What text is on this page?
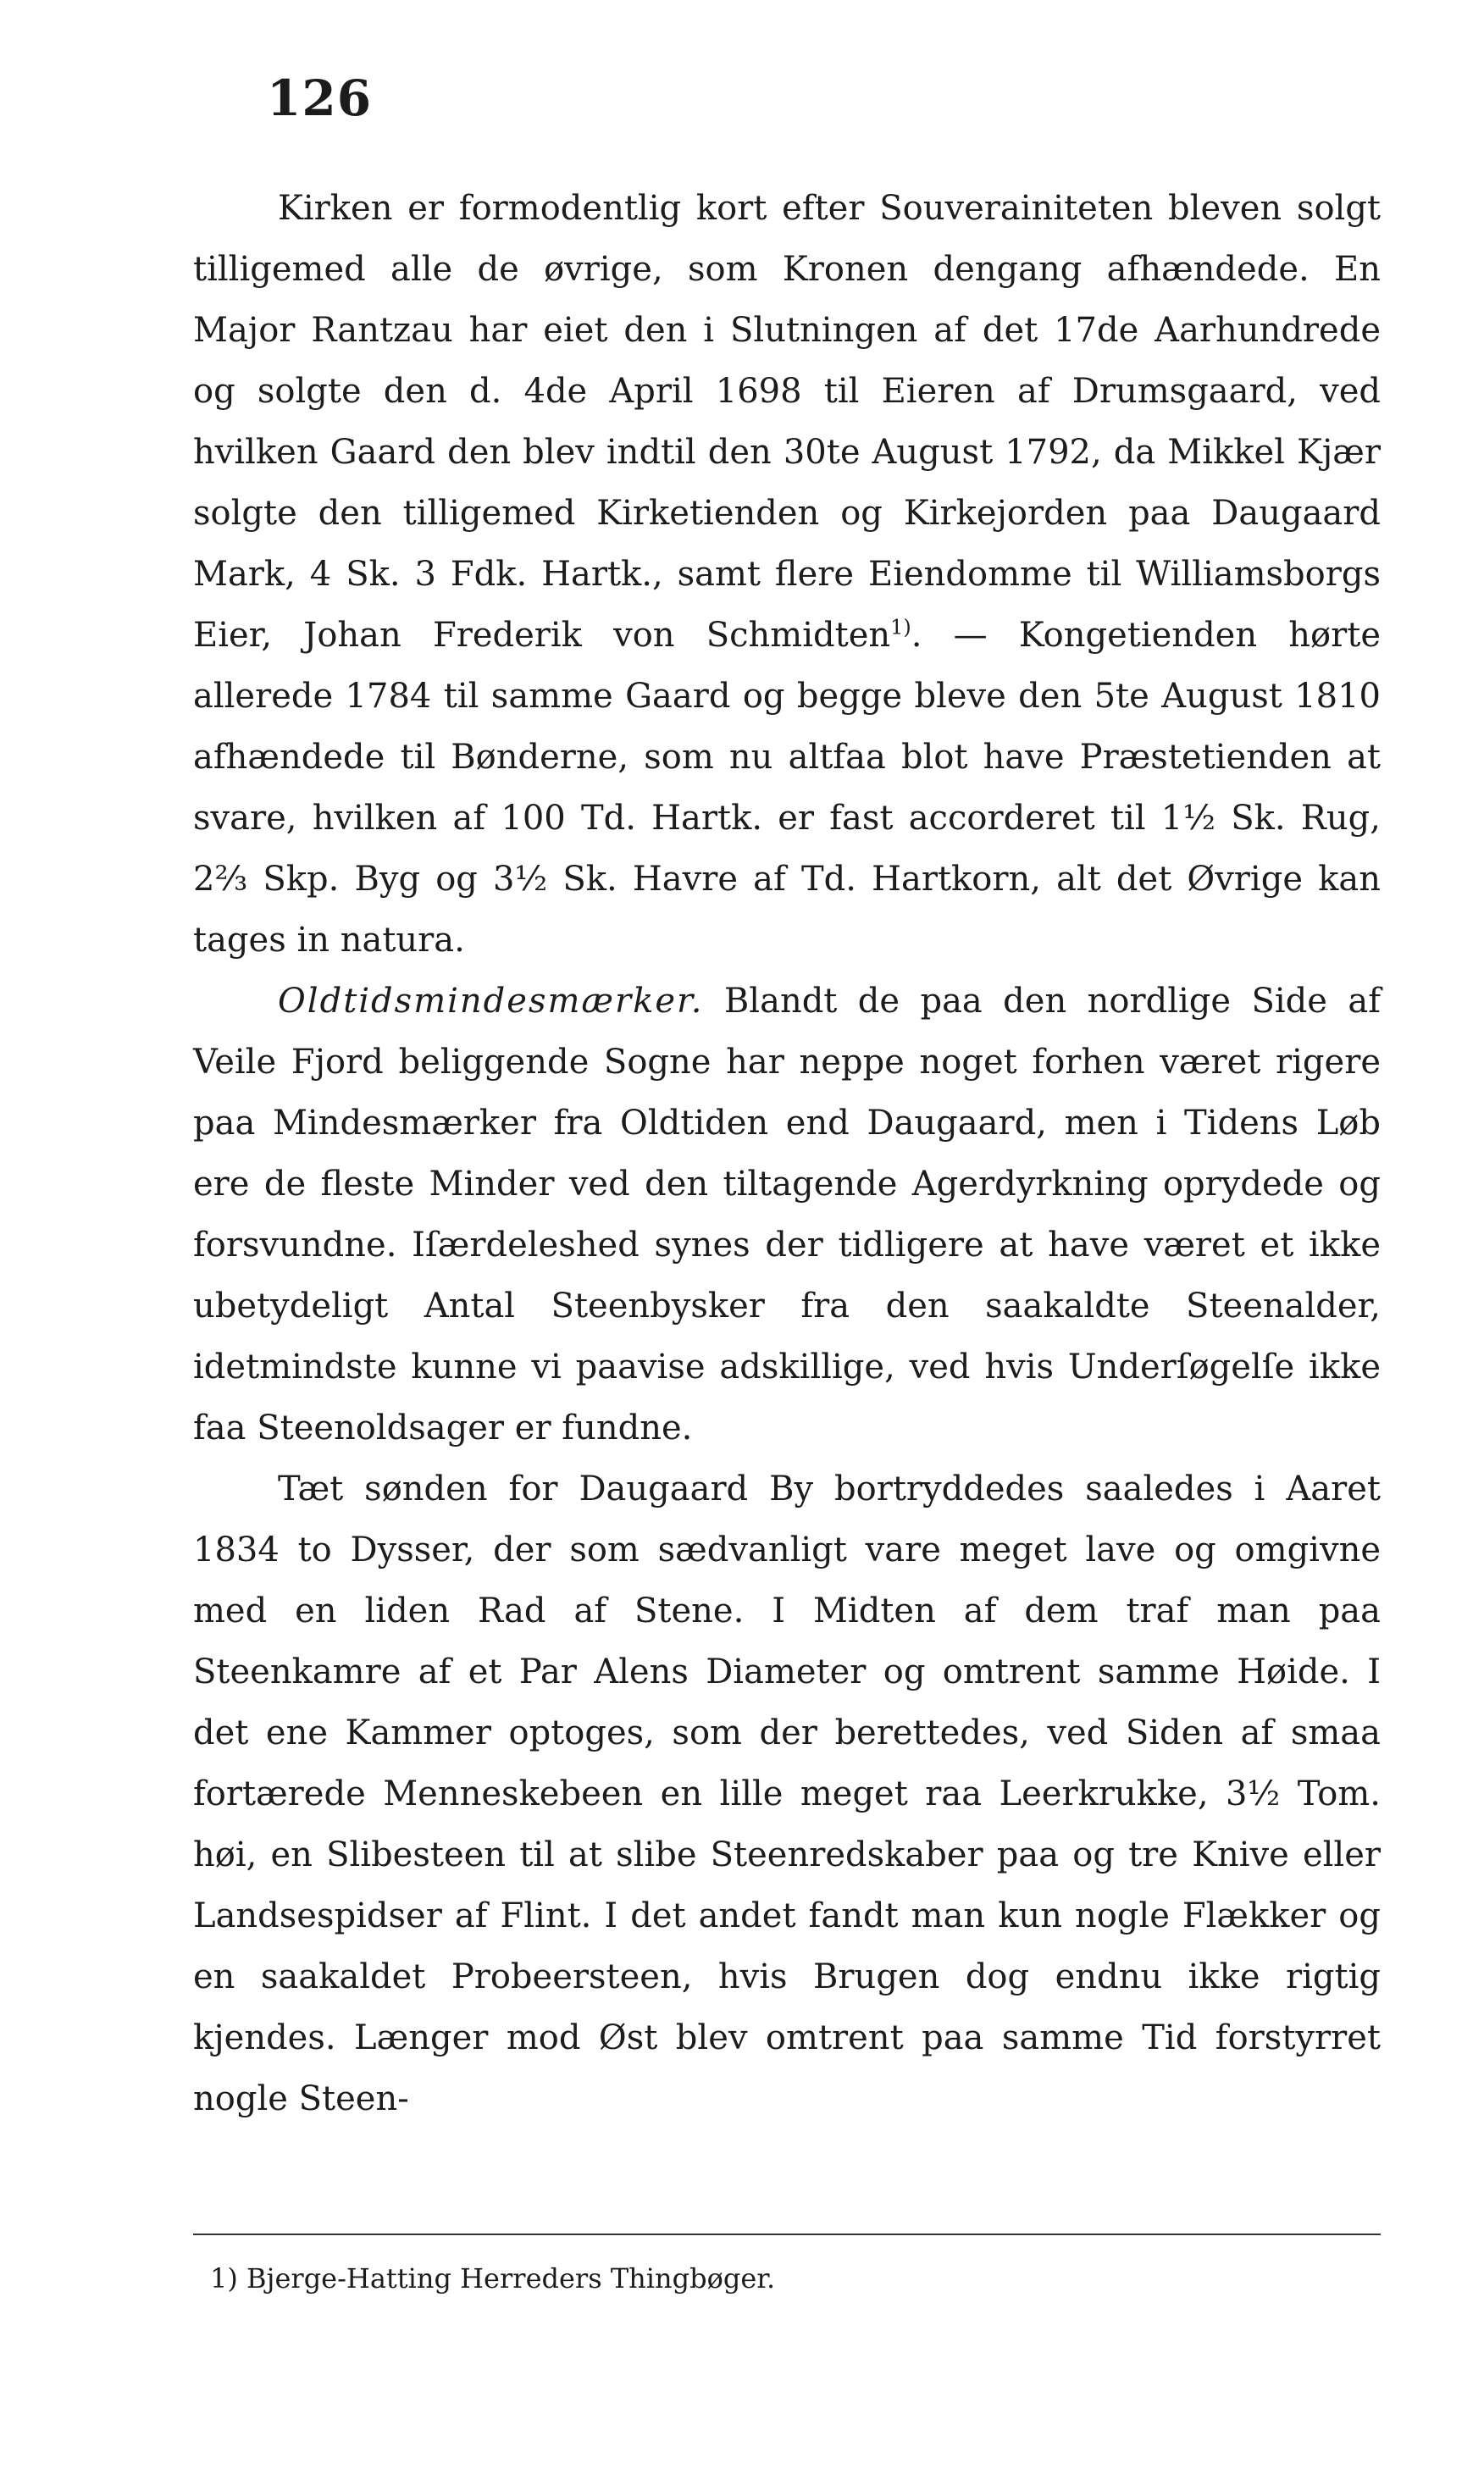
126

Kirken er formodentlig kort efter Souverainiteten bleven solgt tilligemed alle de øvrige, som Kronen dengang afhændede. En Major Rantzau har eiet den i Slutningen af det 17de Aarhundrede og solgte den d. 4de April 1698 til Eieren af Drumsgaard, ved hvilken Gaard den blev indtil den 30te August 1792, da Mikkel Kjær solgte den tilligemed Kirketienden og Kirkejorden paa Daugaard Mark, 4 Sk. 3 Fdk. Hartk., samt flere Eiendomme til Williamsborgs Eier, Johan Frederik von Schmidten$^{1)}$. — Kongetienden hørte allerede 1784 til samme Gaard og begge bleve den 5te August 1810 afhændede til Bønderne, som nu altfaa blot have Præstetienden at svare, hvilken af 100 Td. Hartk. er fast accorderet til 1½ Sk. Rug, 2⅔ Skp. Byg og 3½ Sk. Havre af Td. Hartkorn, alt det Øvrige kan tages in natura.

Oldtidsmindesmærker. Blandt de paa den nordlige Side af Veile Fjord beliggende Sogne har neppe noget forhen været rigere paa Mindesmærker fra Oldtiden end Daugaard, men i Tidens Løb ere de fleste Minder ved den tiltagende Agerdyrkning oprydede og forsvundne. Iſærdeleshed synes der tidligere at have været et ikke ubetydeligt Antal Steenbysker fra den saakaldte Steenalder, idetmindste kunne vi paavise adskillige, ved hvis Underſøgelſe ikke faa Steenoldsager er fundne.

Tæt sønden for Daugaard By bortryddedes saaledes i Aaret 1834 to Dysser, der som sædvanligt vare meget lave og omgivne med en liden Rad af Stene. I Midten af dem traf man paa Steenkamre af et Par Alens Diameter og omtrent samme Høide. I det ene Kammer optoges, som der berettedes, ved Siden af smaa fortærede Menneskebeen en lille meget raa Leerkrukke, 3½ Tom. høi, en Slibesteen til at slibe Steenredskaber paa og tre Knive eller Landsespidser af Flint. I det andet fandt man kun nogle Flækker og en saakaldet Probeersteen, hvis Brugen dog endnu ikke rigtig kjendes. Længer mod Øst blev omtrent paa samme Tid forstyrret nogle Steen-

1) Bjerge-Hatting Herreders Thingbøger.
